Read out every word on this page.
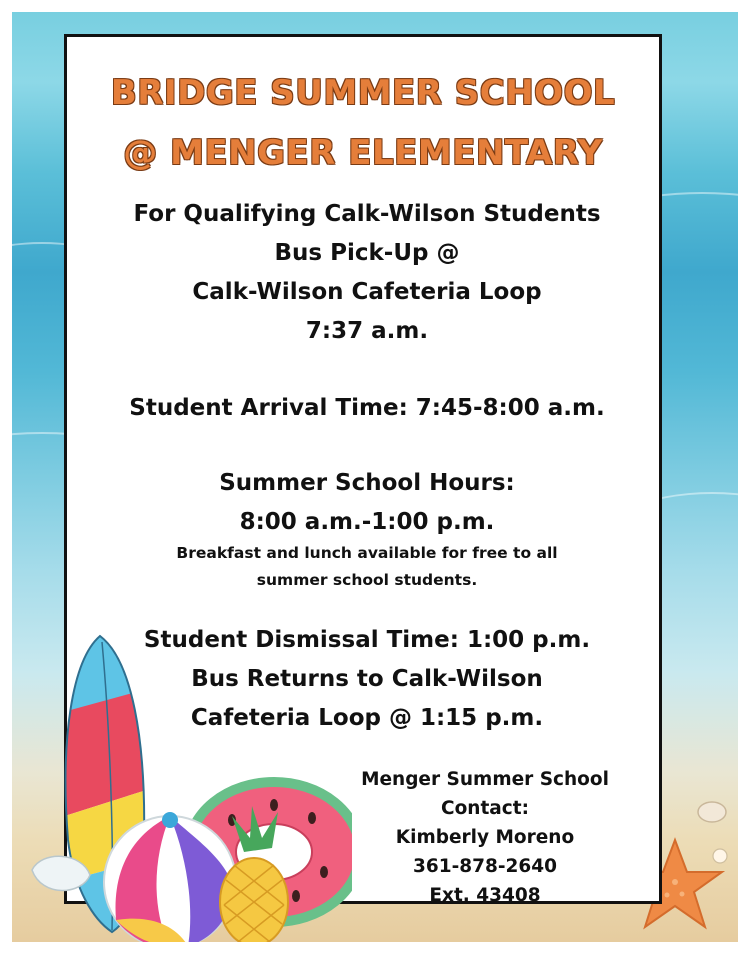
BRIDGE SUMMER SCHOOL
@ MENGER ELEMENTARY
For Qualifying Calk-Wilson Students
Bus Pick-Up @
Calk-Wilson Cafeteria Loop
7:37 a.m.
Student Arrival Time: 7:45-8:00 a.m.
Summer School Hours:
8:00 a.m.-1:00 p.m.
Breakfast and lunch available for free to all
summer school students.
Student Dismissal Time: 1:00 p.m.
Bus Returns to Calk-Wilson
Cafeteria Loop @ 1:15 p.m.
Menger Summer School
Contact:
Kimberly Moreno
361-878-2640
Ext. 43408
